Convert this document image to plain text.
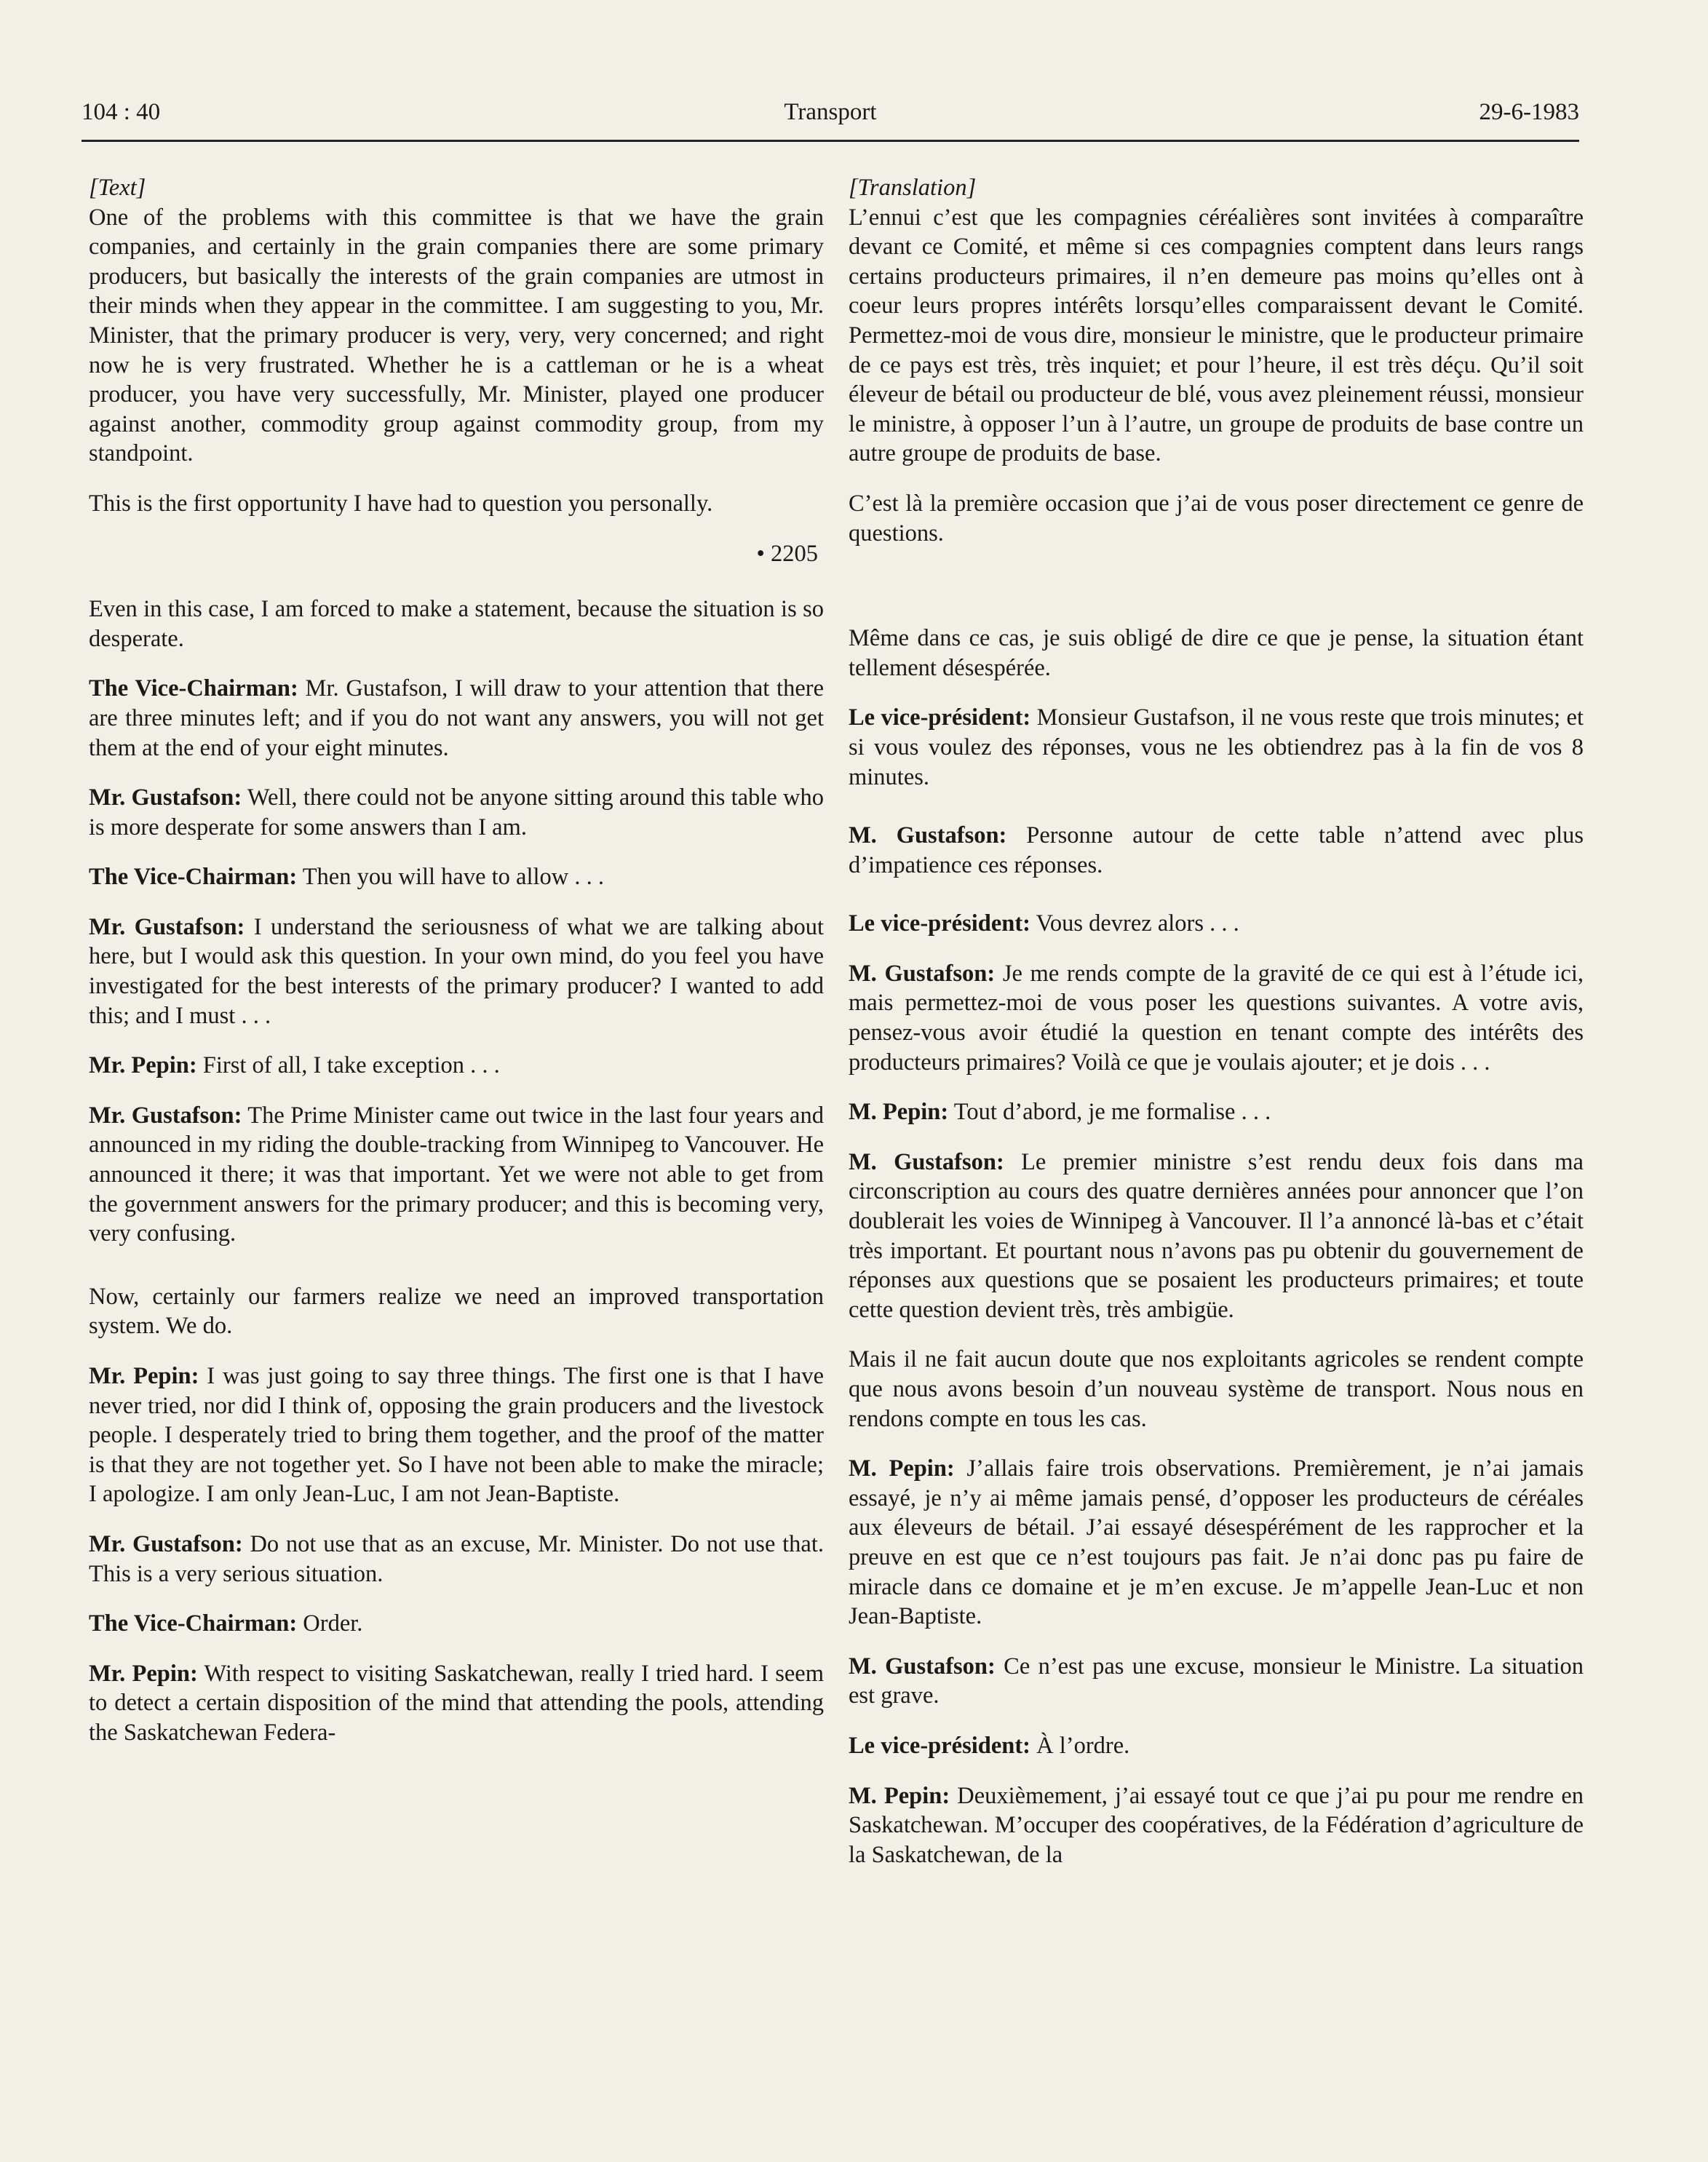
Transport
104 : 40	29-6-1983

[Text]

One of the problems with this committee is that we have the grain companies, and certainly in the grain companies there are some primary producers, but basically the interests of the grain companies are utmost in their minds when they appear in the committee. I am suggesting to you, Mr. Minister, that the primary producer is very, very, very concerned; and right now he is very frustrated. Whether he is a cattleman or he is a wheat producer, you have very successfully, Mr. Minister, played one producer against another, commodity group against commodity group, from my standpoint.

This is the first opportunity I have had to question you personally.

• 2205

Even in this case, I am forced to make a statement, because the situation is so desperate.

The Vice-Chairman: Mr. Gustafson, I will draw to your attention that there are three minutes left; and if you do not want any answers, you will not get them at the end of your eight minutes.

Mr. Gustafson: Well, there could not be anyone sitting around this table who is more desperate for some answers than I am.

The Vice-Chairman: Then you will have to allow . . .

Mr. Gustafson: I understand the seriousness of what we are talking about here, but I would ask this question. In your own mind, do you feel you have investigated for the best interests of the primary producer? I wanted to add this; and I must . . .

Mr. Pepin: First of all, I take exception . . .

Mr. Gustafson: The Prime Minister came out twice in the last four years and announced in my riding the double-tracking from Winnipeg to Vancouver. He announced it there; it was that important. Yet we were not able to get from the government answers for the primary producer; and this is becoming very, very confusing.

Now, certainly our farmers realize we need an improved transportation system. We do.

Mr. Pepin: I was just going to say three things. The first one is that I have never tried, nor did I think of, opposing the grain producers and the livestock people. I desperately tried to bring them together, and the proof of the matter is that they are not together yet. So I have not been able to make the miracle; I apologize. I am only Jean-Luc, I am not Jean-Baptiste.

Mr. Gustafson: Do not use that as an excuse, Mr. Minister. Do not use that. This is a very serious situation.

The Vice-Chairman: Order.

Mr. Pepin: With respect to visiting Saskatchewan, really I tried hard. I seem to detect a certain disposition of the mind that attending the pools, attending the Saskatchewan Federa-

[Translation]

L’ennui c’est que les compagnies céréalières sont invitées à comparaître devant ce Comité, et même si ces compagnies comptent dans leurs rangs certains producteurs primaires, il n’en demeure pas moins qu’elles ont à coeur leurs propres intérêts lorsqu’elles comparaissent devant le Comité. Permettez-moi de vous dire, monsieur le ministre, que le producteur primaire de ce pays est très, très inquiet; et pour l’heure, il est très déçu. Qu’il soit éleveur de bétail ou producteur de blé, vous avez pleinement réussi, monsieur le ministre, à opposer l’un à l’autre, un groupe de produits de base contre un autre groupe de produits de base.

C’est là la première occasion que j’ai de vous poser directement ce genre de questions.

Même dans ce cas, je suis obligé de dire ce que je pense, la situation étant tellement désespérée.

Le vice-président: Monsieur Gustafson, il ne vous reste que trois minutes; et si vous voulez des réponses, vous ne les obtiendrez pas à la fin de vos 8 minutes.

M. Gustafson: Personne autour de cette table n’attend avec plus d’impatience ces réponses.

Le vice-président: Vous devrez alors . . .

M. Gustafson: Je me rends compte de la gravité de ce qui est à l’étude ici, mais permettez-moi de vous poser les questions suivantes. A votre avis, pensez-vous avoir étudié la question en tenant compte des intérêts des producteurs primaires? Voilà ce que je voulais ajouter; et je dois . . .

M. Pepin: Tout d’abord, je me formalise . . .

M. Gustafson: Le premier ministre s’est rendu deux fois dans ma circonscription au cours des quatre dernières années pour annoncer que l’on doublerait les voies de Winnipeg à Vancouver. Il l’a annoncé là-bas et c’était très important. Et pourtant nous n’avons pas pu obtenir du gouvernement de réponses aux questions que se posaient les producteurs primaires; et toute cette question devient très, très ambigüe.

Mais il ne fait aucun doute que nos exploitants agricoles se rendent compte que nous avons besoin d’un nouveau système de transport. Nous nous en rendons compte en tous les cas.

M. Pepin: J’allais faire trois observations. Premièrement, je n’ai jamais essayé, je n’y ai même jamais pensé, d’opposer les producteurs de céréales aux éleveurs de bétail. J’ai essayé désespérément de les rapprocher et la preuve en est que ce n’est toujours pas fait. Je n’ai donc pas pu faire de miracle dans ce domaine et je m’en excuse. Je m’appelle Jean-Luc et non Jean-Baptiste.

M. Gustafson: Ce n’est pas une excuse, monsieur le Ministre. La situation est grave.

Le vice-président: À l’ordre.

M. Pepin: Deuxièmement, j’ai essayé tout ce que j’ai pu pour me rendre en Saskatchewan. M’occuper des coopératives, de la Fédération d’agriculture de la Saskatchewan, de la
